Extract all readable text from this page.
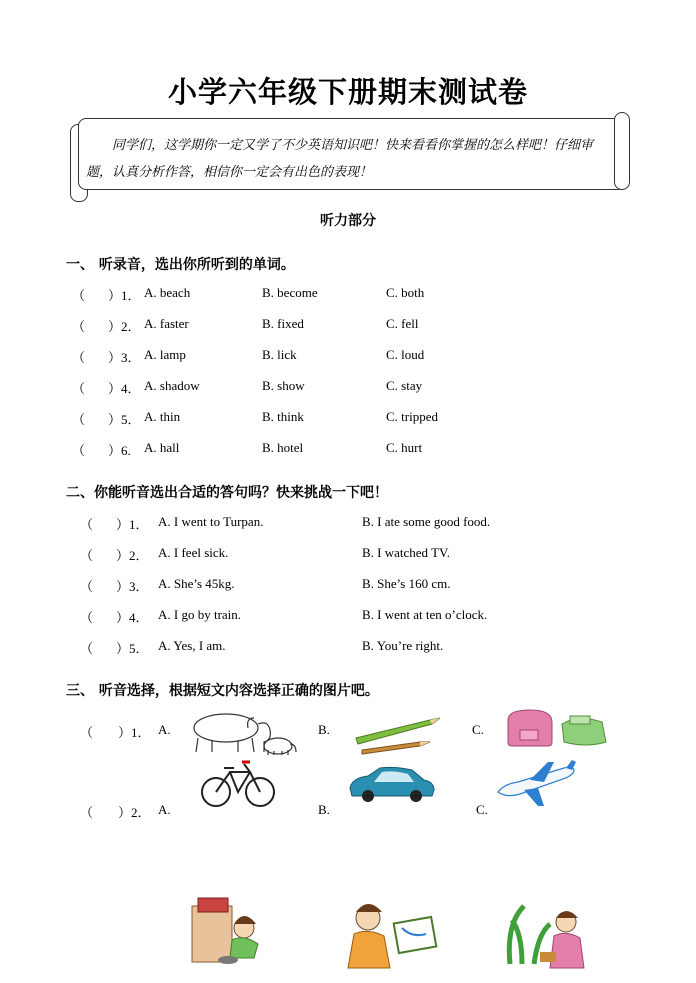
小学六年级下册期末测试卷
同学们，这学期你一定又学了不少英语知识吧！快来看看你掌握的怎么样吧！仔细审题，认真分析作答，相信你一定会有出色的表现！
听力部分
一、 听录音，选出你所听到的单词。
（ ）1． A. beach	B. become	C. both
（ ）2． A. faster	B. fixed	C. fell
（ ）3． A. lamp	B. lick	C. loud
（ ）4． A. shadow	B. show	C. stay
（ ）5． A. thin	B. think	C. tripped
（ ）6. A. hall	B. hotel	C. hurt
二、你能听音选出合适的答句吗？快来挑战一下吧！
（ ）1． A. I went to Turpan.	B. I ate some good food.
（ ）2． A. I feel sick.	B. I watched TV.
（ ）3． A. She’s 45kg.	B. She’s 160 cm.
（ ）4． A. I go by train.	B. I went at ten o’clock.
（ ）5． A. Yes, I am.	B. You’re right.
三、 听音选择，根据短文内容选择正确的图片吧。
（ ）1． A.	B.	C.
（ ）2． A.	B.	C.
